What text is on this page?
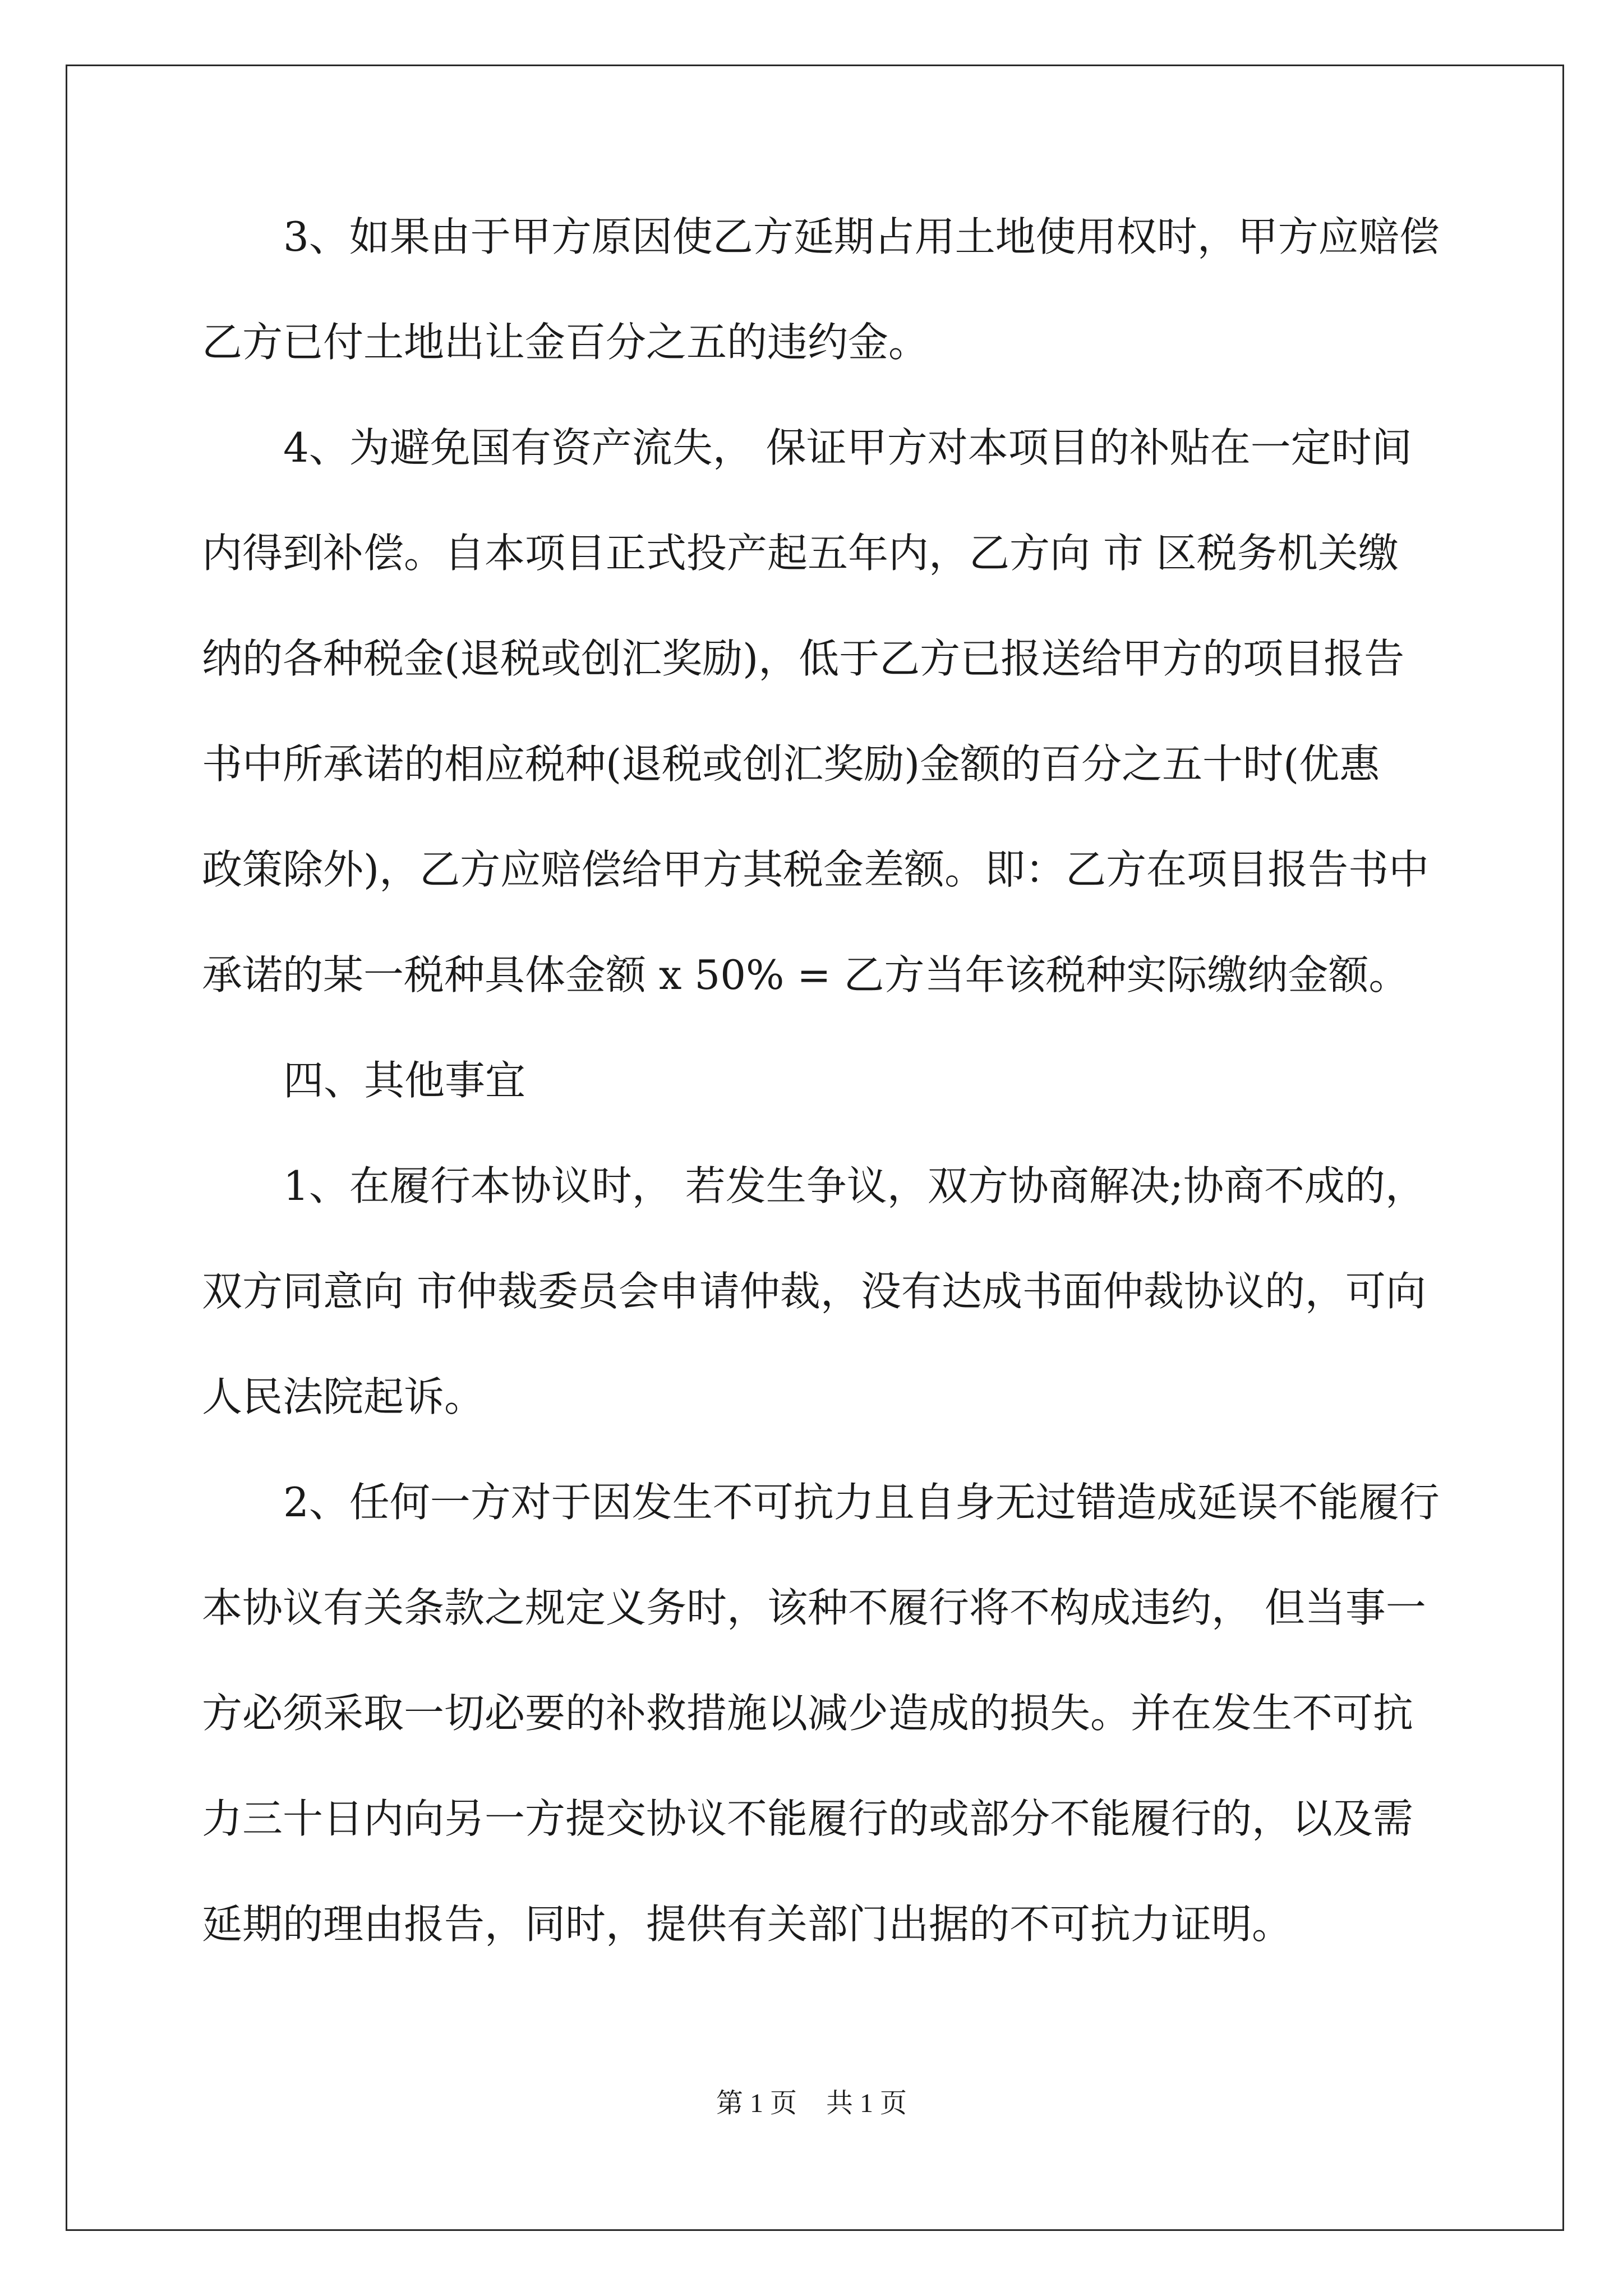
3、如果由于甲方原因使乙方延期占用土地使用权时，甲方应赔偿
乙方已付土地出让金百分之五的违约金。
4、为避免国有资产流失， 保证甲方对本项目的补贴在一定时间
内得到补偿。自本项目正式投产起五年内，乙方向 市 区税务机关缴
纳的各种税金(退税或创汇奖励)，低于乙方已报送给甲方的项目报告
书中所承诺的相应税种(退税或创汇奖励)金额的百分之五十时(优惠
政策除外)，乙方应赔偿给甲方其税金差额。即：乙方在项目报告书中
承诺的某一税种具体金额 x 50% = 乙方当年该税种实际缴纳金额。
四、其他事宜
1、在履行本协议时， 若发生争议，双方协商解决;协商不成的，
双方同意向 市仲裁委员会申请仲裁，没有达成书面仲裁协议的，可向
人民法院起诉。
2、任何一方对于因发生不可抗力且自身无过错造成延误不能履行
本协议有关条款之规定义务时，该种不履行将不构成违约， 但当事一
方必须采取一切必要的补救措施以减少造成的损失。并在发生不可抗
力三十日内向另一方提交协议不能履行的或部分不能履行的，以及需
延期的理由报告，同时，提供有关部门出据的不可抗力证明。
第 1 页 共 1 页
